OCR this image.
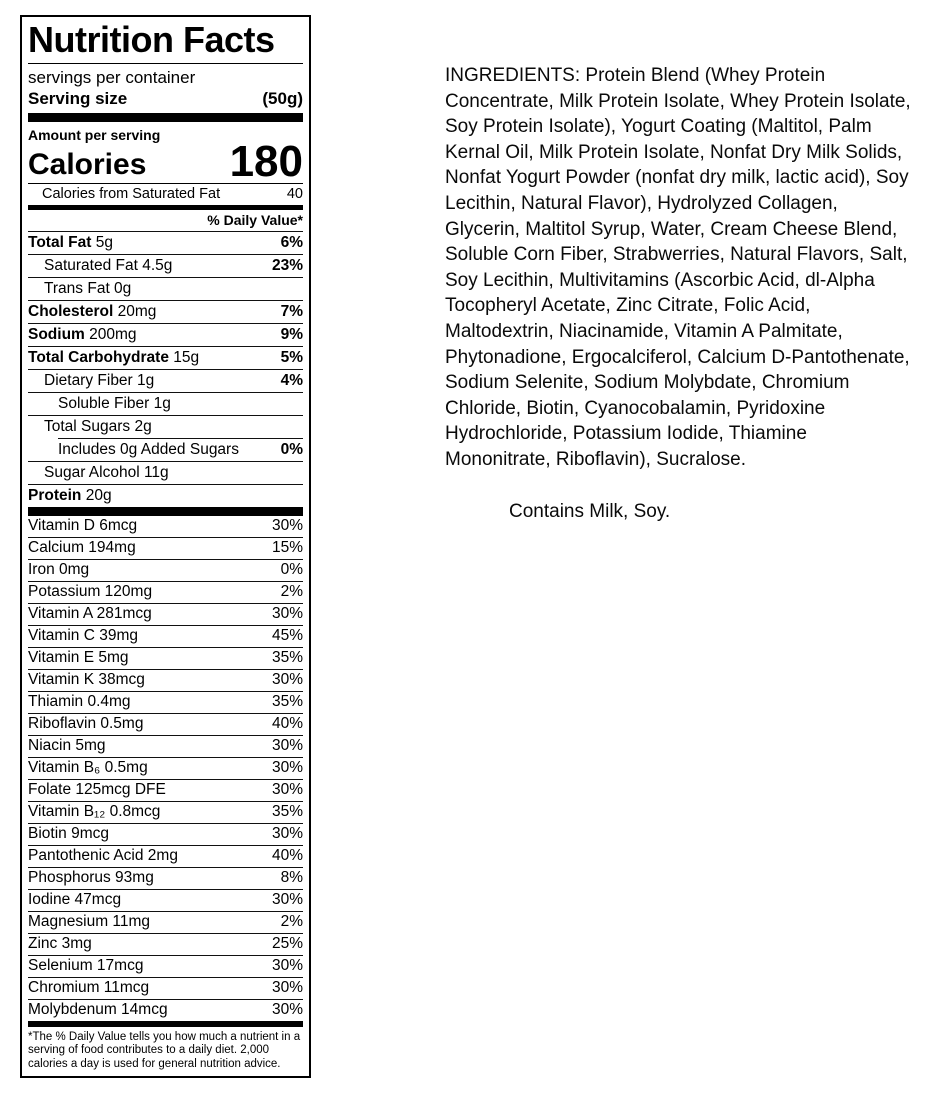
Nutrition Facts
servings per container
Serving size	(50g)
Amount per serving
Calories 180
Calories from Saturated Fat	40
% Daily Value*
Total Fat 5g	6%
Saturated Fat 4.5g	23%
Trans Fat 0g
Cholesterol 20mg	7%
Sodium 200mg	9%
Total Carbohydrate 15g	5%
Dietary Fiber 1g	4%
Soluble Fiber 1g
Total Sugars 2g
Includes 0g Added Sugars	0%
Sugar Alcohol 11g
Protein 20g
Vitamin D 6mcg	30%
Calcium 194mg	15%
Iron 0mg	0%
Potassium 120mg	2%
Vitamin A 281mcg	30%
Vitamin C 39mg	45%
Vitamin E 5mg	35%
Vitamin K 38mcg	30%
Thiamin 0.4mg	35%
Riboflavin 0.5mg	40%
Niacin 5mg	30%
Vitamin B₆ 0.5mg	30%
Folate 125mcg DFE	30%
Vitamin B₁₂ 0.8mcg	35%
Biotin 9mcg	30%
Pantothenic Acid 2mg	40%
Phosphorus 93mg	8%
Iodine 47mcg	30%
Magnesium 11mg	2%
Zinc 3mg	25%
Selenium 17mcg	30%
Chromium 11mcg	30%
Molybdenum 14mcg	30%

*The % Daily Value tells you how much a nutrient in a serving of food contributes to a daily diet. 2,000 calories a day is used for general nutrition advice.

INGREDIENTS: Protein Blend (Whey Protein Concentrate, Milk Protein Isolate, Whey Protein Isolate, Soy Protein Isolate), Yogurt Coating (Maltitol, Palm Kernal Oil, Milk Protein Isolate, Nonfat Dry Milk Solids, Nonfat Yogurt Powder (nonfat dry milk, lactic acid), Soy Lecithin, Natural Flavor), Hydrolyzed Collagen, Glycerin, Maltitol Syrup, Water, Cream Cheese Blend, Soluble Corn Fiber, Strabwerries, Natural Flavors, Salt, Soy Lecithin, Multivitamins (Ascorbic Acid, dl-Alpha Tocopheryl Acetate, Zinc Citrate, Folic Acid, Maltodextrin, Niacinamide, Vitamin A Palmitate, Phytonadione, Ergocalciferol, Calcium D-Pantothenate, Sodium Selenite, Sodium Molybdate, Chromium Chloride, Biotin, Cyanocobalamin, Pyridoxine Hydrochloride, Potassium Iodide, Thiamine Mononitrate, Riboflavin), Sucralose.

Contains Milk, Soy.
